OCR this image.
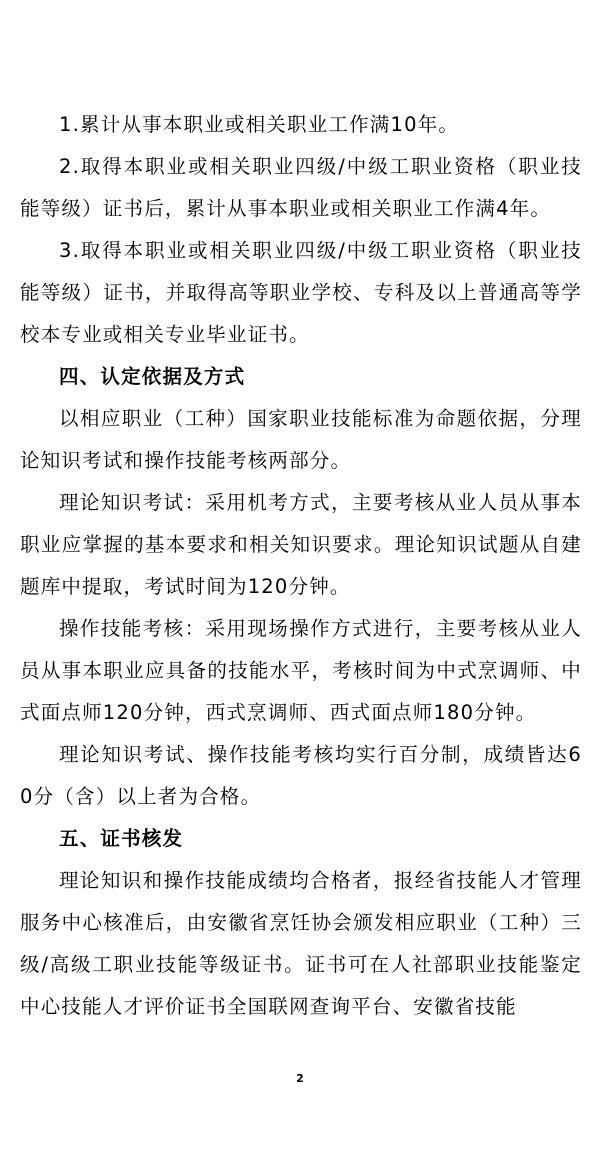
1.累计从事本职业或相关职业工作满10年。

2.取得本职业或相关职业四级/中级工职业资格（职业技能等级）证书后，累计从事本职业或相关职业工作满4年。

3.取得本职业或相关职业四级/中级工职业资格（职业技能等级）证书，并取得高等职业学校、专科及以上普通高等学校本专业或相关专业毕业证书。

四、认定依据及方式

以相应职业（工种）国家职业技能标准为命题依据，分理论知识考试和操作技能考核两部分。

理论知识考试：采用机考方式，主要考核从业人员从事本职业应掌握的基本要求和相关知识要求。理论知识试题从自建题库中提取，考试时间为120分钟。

操作技能考核：采用现场操作方式进行，主要考核从业人员从事本职业应具备的技能水平，考核时间为中式烹调师、中式面点师120分钟，西式烹调师、西式面点师180分钟。

理论知识考试、操作技能考核均实行百分制，成绩皆达60分（含）以上者为合格。

五、证书核发

理论知识和操作技能成绩均合格者，报经省技能人才管理服务中心核准后，由安徽省烹饪协会颁发相应职业（工种）三级/高级工职业技能等级证书。证书可在人社部职业技能鉴定中心技能人才评价证书全国联网查询平台、安徽省技能

2
